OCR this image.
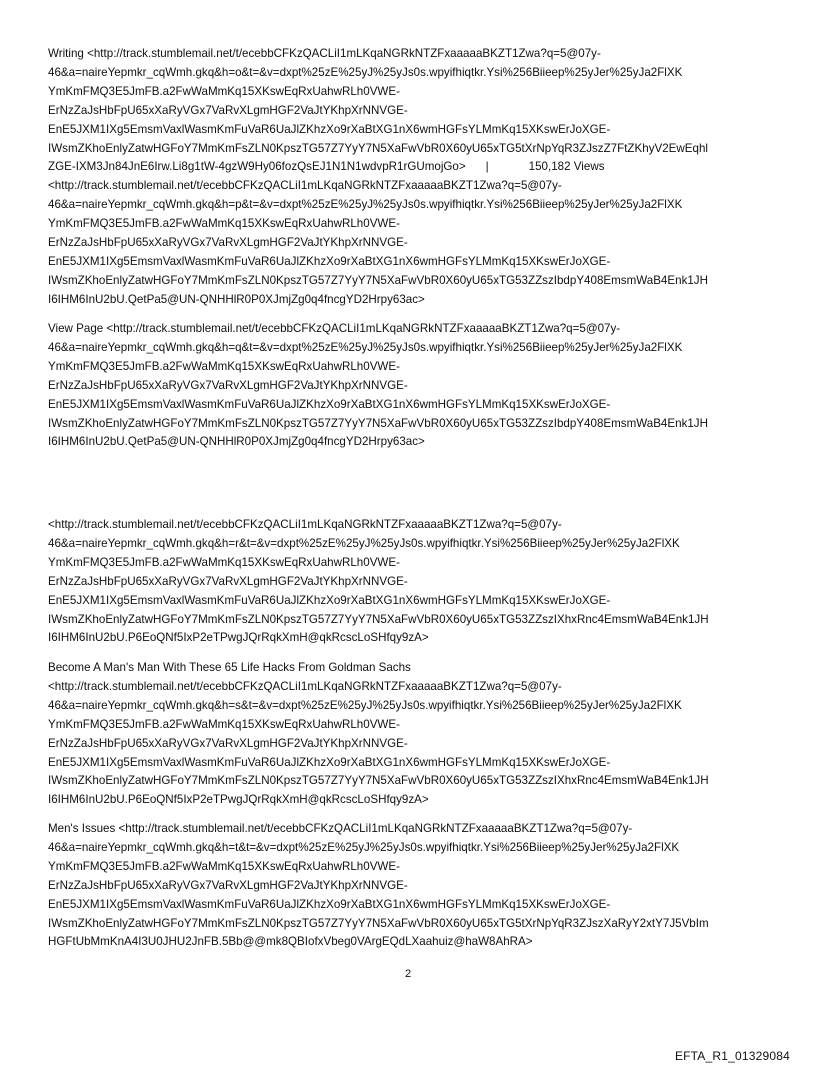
Writing <http://track.stumblemail.net/t/ecebbCFKzQACLiI1mLKqaNGRkNTZFxaaaaaBKZT1Zwa?q=5@07y-
46&a=naireYepmkr_cqWmh.gkq&h=o&t=&v=dxpt%25zE%25yJ%25yJs0s.wpyifhiqtkr.Ysi%256Biieep%25yJer%25yJa2FlXK
YmKmFMQ3E5JmFB.a2FwWaMmKq15XKswEqRxUahwRLh0VWE-
ErNzZaJsHbFpU65xXaRyVGx7VaRvXLgmHGF2VaJtYKhpXrNNVGE-
EnE5JXM1IXg5EmsmVaxlWasmKmFuVaR6UaJlZKhzXo9rXaBtXG1nX6wmHGFsYLMmKq15XKswErJoXGE-
IWsmZKhoEnlyZatwHGFoY7MmKmFsZLN0KpszTG57Z7YyY7N5XaFwVbR0X60yU65xTG5tXrNpYqR3ZJszZ7FtZKhyV2EwEqhl
ZGE-IXM3Jn84JnE6Irw.Li8g1tW-4gzW9Hy06fozQsEJ1N1N1wdvpR1rGUmojGo> |	150,182 Views
<http://track.stumblemail.net/t/ecebbCFKzQACLiI1mLKqaNGRkNTZFxaaaaaBKZT1Zwa?q=5@07y-
46&a=naireYepmkr_cqWmh.gkq&h=p&t=&v=dxpt%25zE%25yJ%25yJs0s.wpyifhiqtkr.Ysi%256Biieep%25yJer%25yJa2FlXK
YmKmFMQ3E5JmFB.a2FwWaMmKq15XKswEqRxUahwRLh0VWE-
ErNzZaJsHbFpU65xXaRyVGx7VaRvXLgmHGF2VaJtYKhpXrNNVGE-
EnE5JXM1IXg5EmsmVaxlWasmKmFuVaR6UaJlZKhzXo9rXaBtXG1nX6wmHGFsYLMmKq15XKswErJoXGE-
IWsmZKhoEnlyZatwHGFoY7MmKmFsZLN0KpszTG57Z7YyY7N5XaFwVbR0X60yU65xTG53ZZszIbdpY408EmsmWaB4Enk1JH
I6IHM6InU2bU.QetPa5@UN-QNHHlR0P0XJmjZg0q4fncgYD2Hrpy63ac>
View Page <http://track.stumblemail.net/t/ecebbCFKzQACLiI1mLKqaNGRkNTZFxaaaaaBKZT1Zwa?q=5@07y-
46&a=naireYepmkr_cqWmh.gkq&h=q&t=&v=dxpt%25zE%25yJ%25yJs0s.wpyifhiqtkr.Ysi%256Biieep%25yJer%25yJa2FlXK
YmKmFMQ3E5JmFB.a2FwWaMmKq15XKswEqRxUahwRLh0VWE-
ErNzZaJsHbFpU65xXaRyVGx7VaRvXLgmHGF2VaJtYKhpXrNNVGE-
EnE5JXM1IXg5EmsmVaxlWasmKmFuVaR6UaJlZKhzXo9rXaBtXG1nX6wmHGFsYLMmKq15XKswErJoXGE-
IWsmZKhoEnlyZatwHGFoY7MmKmFsZLN0KpszTG57Z7YyY7N5XaFwVbR0X60yU65xTG53ZZszIbdpY408EmsmWaB4Enk1JH
I6IHM6InU2bU.QetPa5@UN-QNHHlR0P0XJmjZg0q4fncgYD2Hrpy63ac>
<http://track.stumblemail.net/t/ecebbCFKzQACLiI1mLKqaNGRkNTZFxaaaaaBKZT1Zwa?q=5@07y-
46&a=naireYepmkr_cqWmh.gkq&h=r&t=&v=dxpt%25zE%25yJ%25yJs0s.wpyifhiqtkr.Ysi%256Biieep%25yJer%25yJa2FlXK
YmKmFMQ3E5JmFB.a2FwWaMmKq15XKswEqRxUahwRLh0VWE-
ErNzZaJsHbFpU65xXaRyVGx7VaRvXLgmHGF2VaJtYKhpXrNNVGE-
EnE5JXM1IXg5EmsmVaxlWasmKmFuVaR6UaJlZKhzXo9rXaBtXG1nX6wmHGFsYLMmKq15XKswErJoXGE-
IWsmZKhoEnlyZatwHGFoY7MmKmFsZLN0KpszTG57Z7YyY7N5XaFwVbR0X60yU65xTG53ZZszIXhxRnc4EmsmWaB4Enk1JH
I6IHM6InU2bU.P6EoQNf5IxP2eTPwgJQrRqkXmH@qkRcscLoSHfqy9zA>
Become A Man's Man With These 65 Life Hacks From Goldman Sachs
<http://track.stumblemail.net/t/ecebbCFKzQACLiI1mLKqaNGRkNTZFxaaaaaBKZT1Zwa?q=5@07y-
46&a=naireYepmkr_cqWmh.gkq&h=s&t=&v=dxpt%25zE%25yJ%25yJs0s.wpyifhiqtkr.Ysi%256Biieep%25yJer%25yJa2FlXK
YmKmFMQ3E5JmFB.a2FwWaMmKq15XKswEqRxUahwRLh0VWE-
ErNzZaJsHbFpU65xXaRyVGx7VaRvXLgmHGF2VaJtYKhpXrNNVGE-
EnE5JXM1IXg5EmsmVaxlWasmKmFuVaR6UaJlZKhzXo9rXaBtXG1nX6wmHGFsYLMmKq15XKswErJoXGE-
IWsmZKhoEnlyZatwHGFoY7MmKmFsZLN0KpszTG57Z7YyY7N5XaFwVbR0X60yU65xTG53ZZszIXhxRnc4EmsmWaB4Enk1JH
I6IHM6InU2bU.P6EoQNf5IxP2eTPwgJQrRqkXmH@qkRcscLoSHfqy9zA>
Men's Issues <http://track.stumblemail.net/t/ecebbCFKzQACLiI1mLKqaNGRkNTZFxaaaaaBKZT1Zwa?q=5@07y-
46&a=naireYepmkr_cqWmh.gkq&h=t&t=&v=dxpt%25zE%25yJ%25yJs0s.wpyifhiqtkr.Ysi%256Biieep%25yJer%25yJa2FlXK
YmKmFMQ3E5JmFB.a2FwWaMmKq15XKswEqRxUahwRLh0VWE-
ErNzZaJsHbFpU65xXaRyVGx7VaRvXLgmHGF2VaJtYKhpXrNNVGE-
EnE5JXM1IXg5EmsmVaxlWasmKmFuVaR6UaJlZKhzXo9rXaBtXG1nX6wmHGFsYLMmKq15XKswErJoXGE-
IWsmZKhoEnlyZatwHGFoY7MmKmFsZLN0KpszTG57Z7YyY7N5XaFwVbR0X60yU65xTG5tXrNpYqR3ZJszXaRyY2xtY7J5VbIm
HGFtUbMmKnA4I3U0JHU2JnFB.5Bb@@mk8QBIofxVbeg0VArgEQdLXaahuiz@haW8AhRA>
2
EFTA_R1_01329084
